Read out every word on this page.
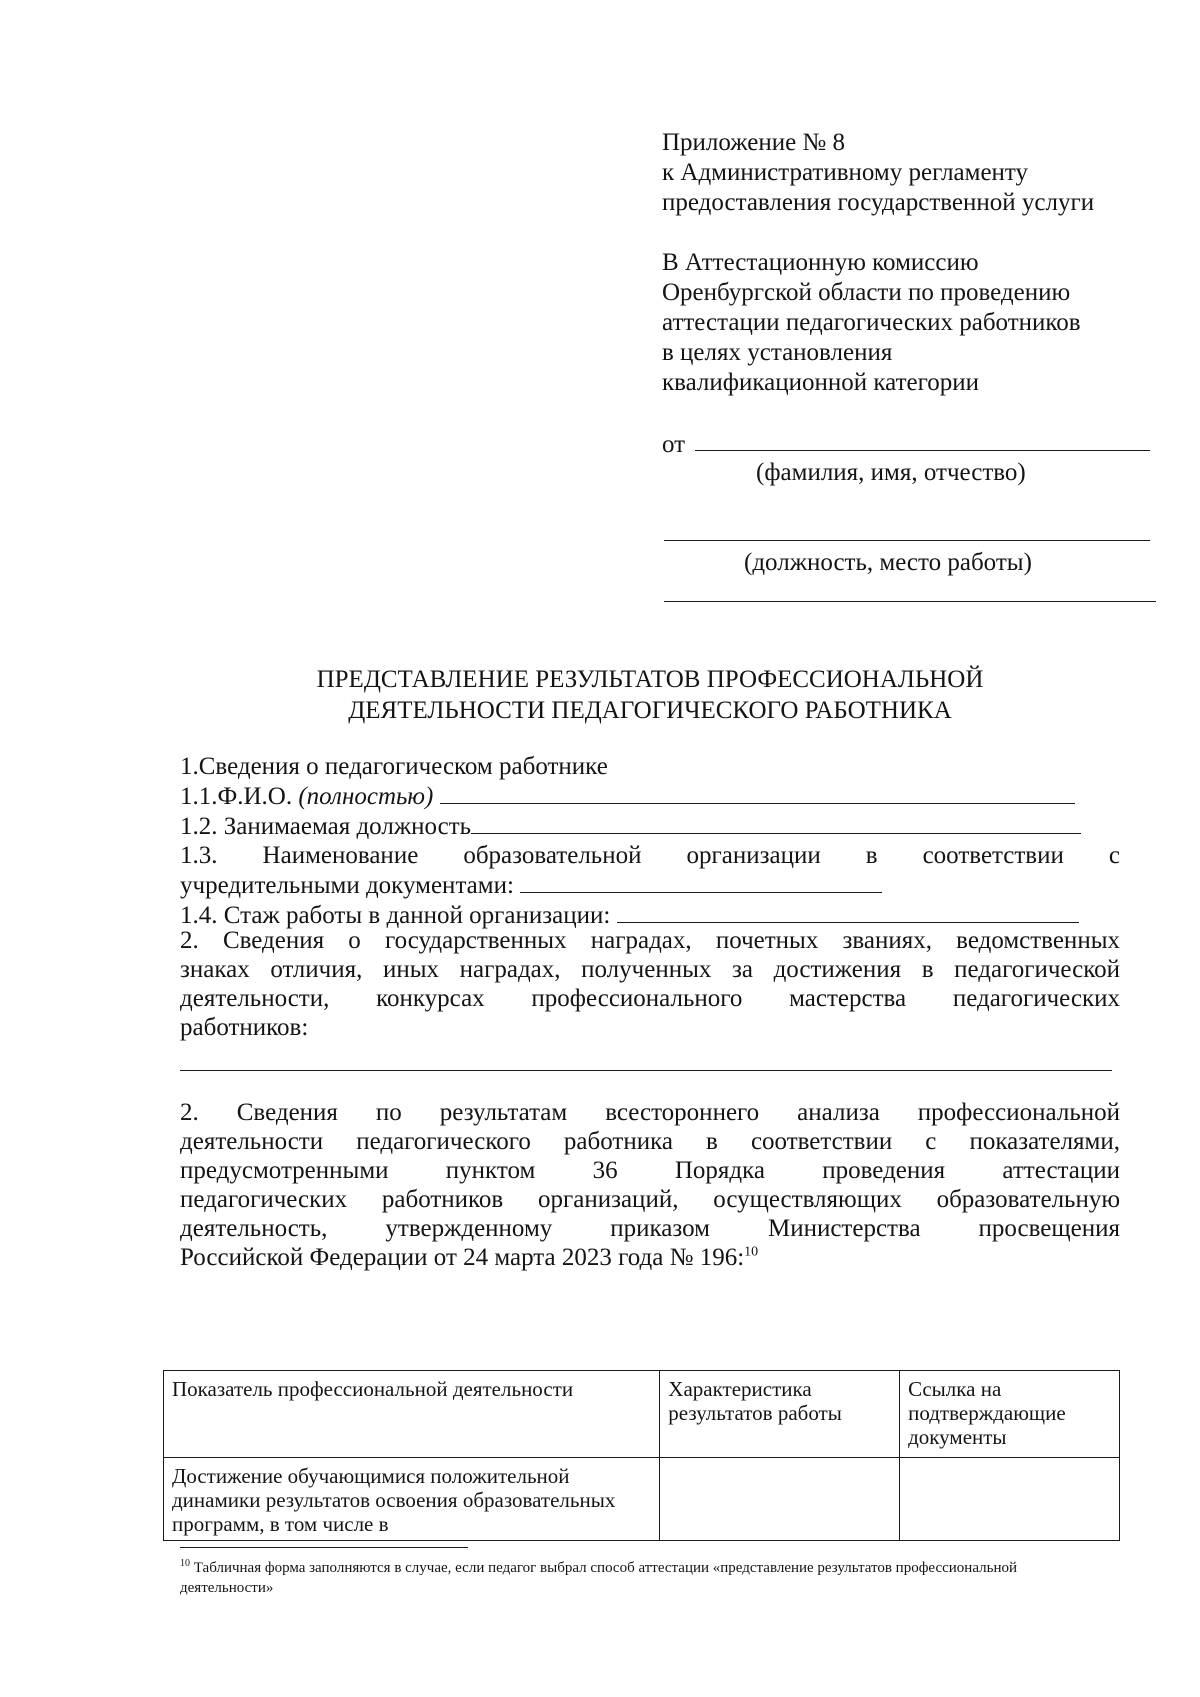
Приложение № 8
к Административному регламенту
предоставления государственной услуги
В Аттестационную комиссию
Оренбургской области по проведению
аттестации педагогических работников
в целях установления
квалификационной категории
от
(фамилия, имя, отчество)
(должность, место работы)
ПРЕДСТАВЛЕНИЕ РЕЗУЛЬТАТОВ ПРОФЕССИОНАЛЬНОЙ
ДЕЯТЕЛЬНОСТИ ПЕДАГОГИЧЕСКОГО РАБОТНИКА
1.Сведения о педагогическом работнике
1.1.Ф.И.О. (полностью)
1.2. Занимаемая должность
1.3. Наименование образовательной организации в соответствии с
учредительными документами:
1.4. Стаж работы в данной организации:
2. Сведения о государственных наградах, почетных званиях, ведомственных
знаках отличия, иных наградах, полученных за достижения в педагогической
деятельности, конкурсах профессионального мастерства педагогических
работников:
2. Сведения по результатам всестороннего анализа профессиональной
деятельности педагогического работника в соответствии с показателями,
предусмотренными пунктом 36 Порядка проведения аттестации
педагогических работников организаций, осуществляющих образовательную
деятельность, утвержденному приказом Министерства просвещения
Российской Федерации от 24 марта 2023 года № 196:$^{10}$
Показатель профессиональной деятельности	Характеристика результатов работы	Ссылка на подтверждающие документы
Достижение обучающимися положительной динамики результатов освоения образовательных программ, в том числе в		
$^{10}$ Табличная форма заполняются в случае, если педагог выбрал способ аттестации «представление результатов профессиональной деятельности»
